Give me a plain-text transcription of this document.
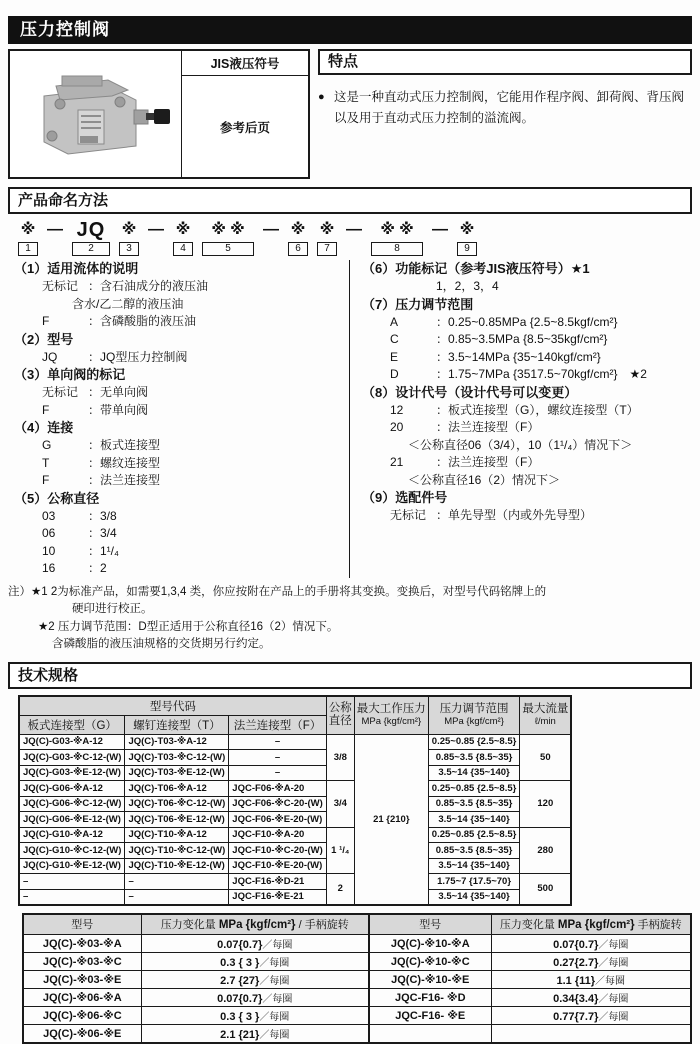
压力控制阀
JIS液压符号
参考后页
特点
● 这是一种直动式压力控制阀，它能用作程序阀、卸荷阀、背压阀以及用于直动式压力控制的溢流阀。
产品命名方法
※
1
— JQ
2
※
3
— ※
4
※ ※
5
— ※
6
※
7
— ※ ※
8
— ※
9
（1）适用流体的说明
无标记 ：含石油成分的液压油
　含水/乙二醇的液压油
F	：含磷酸脂的液压油
（2）型号
JQ	：JQ型压力控制阀
（3）单向阀的标记
无标记 ：无单向阀
F	：带单向阀
（4）连接
G	：板式连接型
T	：螺纹连接型
F	：法兰连接型
（5）公称直径
03	：3/8
06	：3/4
10	：1¹/₄
16	：2
（6）功能标记（参考JIS液压符号）★1
1，2，3，4
（7）压力调节范围
A	：0.25~0.85MPa {2.5~8.5kgf/cm²}
C	：0.85~3.5MPa {8.5~35kgf/cm²}
E	：3.5~14MPa {35~140kgf/cm²}
D	：1.75~7MPa {3517.5~70kgf/cm²}　★2
（8）设计代号（设计代号可以变更）
12	：板式连接型（G），螺纹连接型（T）
20	：法兰连接型（F）
＜公称直径06（3/4），10（1¹/₄）情况下＞
21	：法兰连接型（F）
＜公称直径16（2）情况下＞
（9）选配件号
无标记 ：单先导型（内或外先导型）
注）★1 2为标准产品，如需要1,3,4 类，你应按附在产品上的手册将其变换。变换后，对型号代码铭牌上的
硬印进行校正。
★2 压力调节范围：D型正适用于公称直径16（2）情况下。
含磷酸脂的液压油规格的交货期另行约定。
技术规格
型号代码			公称
直径	最大工作压力
MPa {kgf/cm²}	压力调节范围
MPa {kgf/cm²}	最大流量
ℓ/min

板式连接型（G）	螺钉连接型（T）	法兰连接型（F）				
JQ(C)-G03-※A-12	JQ(C)-T03-※A-12	–	3/8	21 {210}	0.25~0.85 {2.5~8.5}	50
JQ(C)-G03-※C-12-(W)	JQ(C)-T03-※C-12-(W)	–			0.85~3.5 {8.5~35}	
JQ(C)-G03-※E-12-(W)	JQ(C)-T03-※E-12-(W)	–			3.5~14 {35~140}	
JQ(C)-G06-※A-12	JQ(C)-T06-※A-12	JQC-F06-※A-20	3/4		0.25~0.85 {2.5~8.5}	120
JQ(C)-G06-※C-12-(W)	JQ(C)-T06-※C-12-(W)	JQC-F06-※C-20-(W)			0.85~3.5 {8.5~35}	
JQ(C)-G06-※E-12-(W)	JQ(C)-T06-※E-12-(W)	JQC-F06-※E-20-(W)			3.5~14 {35~140}	
JQ(C)-G10-※A-12	JQ(C)-T10-※A-12	JQC-F10-※A-20	1 ¹/₄		0.25~0.85 {2.5~8.5}	280
JQ(C)-G10-※C-12-(W)	JQ(C)-T10-※C-12-(W)	JQC-F10-※C-20-(W)			0.85~3.5 {8.5~35}	
JQ(C)-G10-※E-12-(W)	JQ(C)-T10-※E-12-(W)	JQC-F10-※E-20-(W)			3.5~14 {35~140}	
–	–	JQC-F16-※D-21	2		1.75~7 {17.5~70}	500
–	–	JQC-F16-※E-21			3.5~14 {35~140}	
型号	压力变化量 MPa {kgf/cm²} / 手柄旋转
JQ(C)-※03-※A	0.07{0.7}／每圈
JQ(C)-※03-※C	0.3 { 3 }／每圈
JQ(C)-※03-※E	2.7 {27}／每圈
JQ(C)-※06-※A	0.07{0.7}／每圈
JQ(C)-※06-※C	0.3 { 3 }／每圈
JQ(C)-※06-※E	2.1 {21}／每圈
型号	压力变化量 MPa {kgf/cm²} 手柄旋转
JQ(C)-※10-※A	0.07{0.7}／每圈
JQ(C)-※10-※C	0.27{2.7}／每圈
JQ(C)-※10-※E	1.1 {11}／每圈
JQC-F16- ※D	0.34{3.4}／每圈
JQC-F16- ※E	0.77{7.7}／每圈
